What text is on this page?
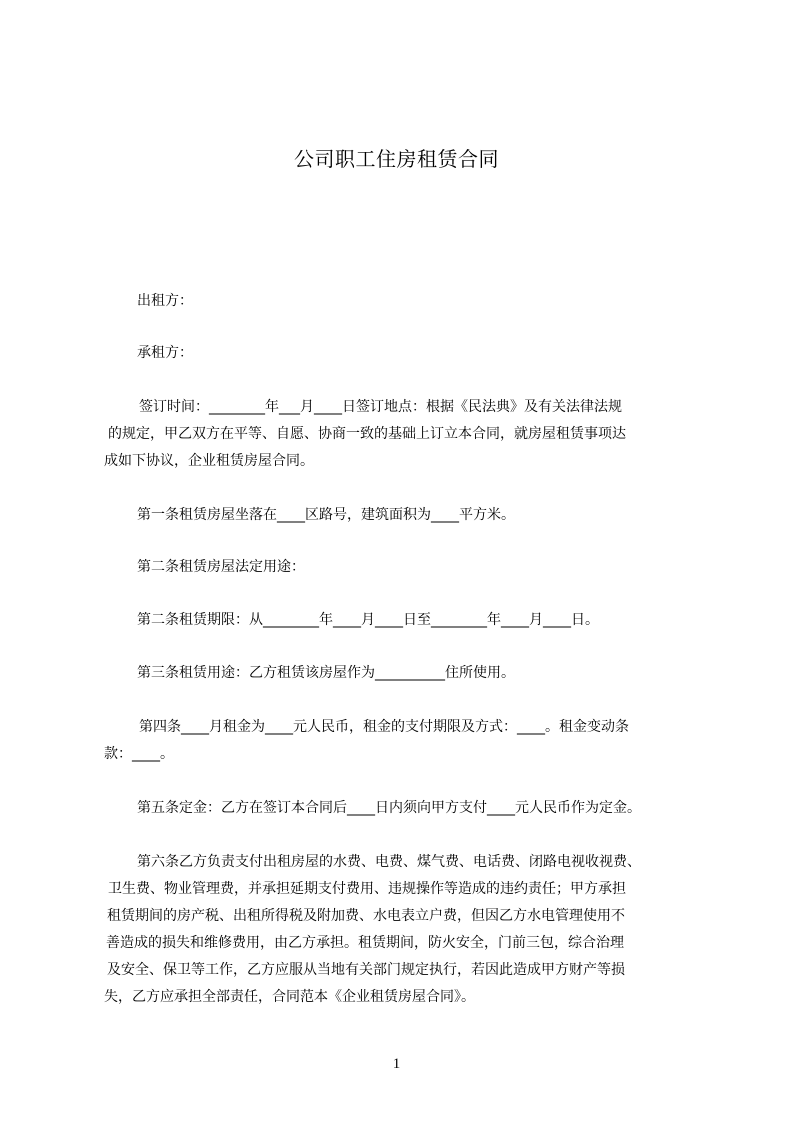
公司职工住房租赁合同
出租方：
承租方：
签订时间：________年___月____日签订地点：根据《民法典》及有关法律法规
的规定，甲乙双方在平等、自愿、协商一致的基础上订立本合同，就房屋租赁事项达
成如下协议，企业租赁房屋合同。
第一条租赁房屋坐落在____区路号，建筑面积为____平方米。
第二条租赁房屋法定用途：
第二条租赁期限：从________年____月____日至________年____月____日。
第三条租赁用途：乙方租赁该房屋作为__________住所使用。
第四条____月租金为____元人民币，租金的支付期限及方式：____。租金变动条
款：____。
第五条定金：乙方在签订本合同后____日内须向甲方支付____元人民币作为定金。
第六条乙方负责支付出租房屋的水费、电费、煤气费、电话费、闭路电视收视费、
卫生费、物业管理费，并承担延期支付费用、违规操作等造成的违约责任；甲方承担
租赁期间的房产税、出租所得税及附加费、水电表立户费，但因乙方水电管理使用不
善造成的损失和维修费用，由乙方承担。租赁期间，防火安全，门前三包，综合治理
及安全、保卫等工作，乙方应服从当地有关部门规定执行，若因此造成甲方财产等损
失，乙方应承担全部责任，合同范本《企业租赁房屋合同》。
1
